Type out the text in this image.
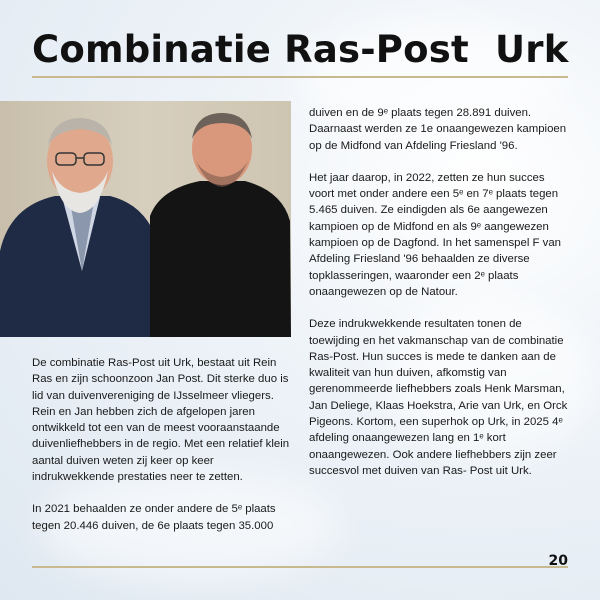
Combinatie Ras-Post  Urk

De combinatie Ras-Post uit Urk, bestaat uit Rein Ras en zijn schoonzoon Jan Post. Dit sterke duo is lid van duivenvereniging de IJsselmeer vliegers. Rein en Jan hebben zich de afgelopen jaren ontwikkeld tot een van de meest vooraanstaande duivenliefhebbers in de regio. Met een relatief klein aantal duiven weten zij keer op keer indrukwekkende prestaties neer te zetten.

In 2021 behaalden ze onder andere de 5ᵉ plaats tegen 20.446 duiven, de 6e plaats tegen 35.000

duiven en de 9ᵉ plaats tegen 28.891 duiven. Daarnaast werden ze 1e onaangewezen kampioen op de Midfond van Afdeling Friesland '96.

Het jaar daarop, in 2022, zetten ze hun succes voort met onder andere een 5ᵉ en 7ᵉ plaats tegen 5.465 duiven. Ze eindigden als 6e aangewezen kampioen op de Midfond en als 9ᵉ aangewezen kampioen op de Dagfond. In het samenspel F van Afdeling Friesland '96 behaalden ze diverse topklasseringen, waaronder een 2ᵉ plaats onaangewezen op de Natour.

Deze indrukwekkende resultaten tonen de toewijding en het vakmanschap van de combinatie Ras-Post. Hun succes is mede te danken aan de kwaliteit van hun duiven, afkomstig van gerenommeerde liefhebbers zoals Henk Marsman, Jan Deliege, Klaas Hoekstra, Arie van Urk, en Orck Pigeons. Kortom, een superhok op Urk, in 2025 4ᵉ afdeling onaangewezen lang en 1ᵉ kort onaangewezen. Ook andere liefhebbers zijn zeer succesvol met duiven van Ras- Post uit Urk.

20
